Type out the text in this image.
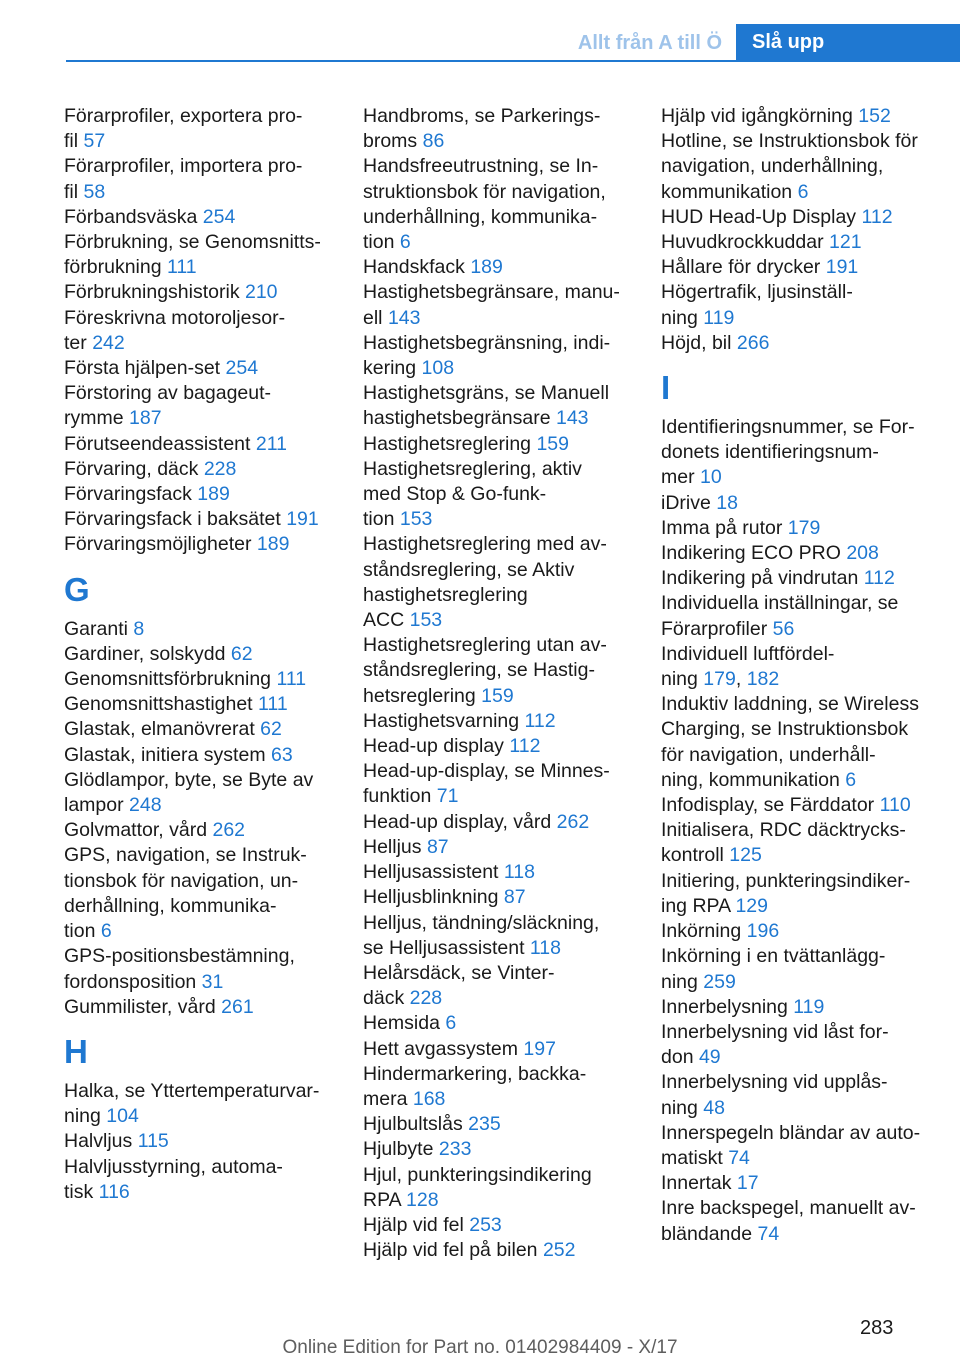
Allt från A till Ö Slå upp
Förarprofiler, exportera pro-
fil 57
Förarprofiler, importera pro-
fil 58
Förbandsväska 254
Förbrukning, se Genomsnitts-
förbrukning 111
Förbrukningshistorik 210
Föreskrivna motoroljesor-
ter 242
Första hjälpen-set 254
Förstoring av bagageut-
rymme 187
Förutseendeassistent 211
Förvaring, däck 228
Förvaringsfack 189
Förvaringsfack i baksätet 191
Förvaringsmöjligheter 189
G
Garanti 8
Gardiner, solskydd 62
Genomsnittsförbrukning 111
Genomsnittshastighet 111
Glastak, elmanövrerat 62
Glastak, initiera system 63
Glödlampor, byte, se Byte av
lampor 248
Golvmattor, vård 262
GPS, navigation, se Instruk-
tionsbok för navigation, un-
derhållning, kommunika-
tion 6
GPS-positionsbestämning,
fordonsposition 31
Gummilister, vård 261
H
Halka, se Yttertemperaturvar-
ning 104
Halvljus 115
Halvljusstyrning, automa-
tisk 116
Handbroms, se Parkerings-
broms 86
Handsfreeutrustning, se In-
struktionsbok för navigation,
underhållning, kommunika-
tion 6
Handskfack 189
Hastighetsbegränsare, manu-
ell 143
Hastighetsbegränsning, indi-
kering 108
Hastighetsgräns, se Manuell
hastighetsbegränsare 143
Hastighetsreglering 159
Hastighetsreglering, aktiv
med Stop & Go-funk-
tion 153
Hastighetsreglering med av-
ståndsreglering, se Aktiv
hastighetsreglering
ACC 153
Hastighetsreglering utan av-
ståndsreglering, se Hastig-
hetsreglering 159
Hastighetsvarning 112
Head-up display 112
Head-up-display, se Minnes-
funktion 71
Head-up display, vård 262
Helljus 87
Helljusassistent 118
Helljusblinkning 87
Helljus, tändning/släckning,
se Helljusassistent 118
Helårsdäck, se Vinter-
däck 228
Hemsida 6
Hett avgassystem 197
Hindermarkering, backka-
mera 168
Hjulbultslås 235
Hjulbyte 233
Hjul, punkteringsindikering
RPA 128
Hjälp vid fel 253
Hjälp vid fel på bilen 252
Hjälp vid igångkörning 152
Hotline, se Instruktionsbok för
navigation, underhållning,
kommunikation 6
HUD Head-Up Display 112
Huvudkrockkuddar 121
Hållare för drycker 191
Högertrafik, ljusinställ-
ning 119
Höjd, bil 266
I
Identifieringsnummer, se For-
donets identifieringsnum-
mer 10
iDrive 18
Imma på rutor 179
Indikering ECO PRO 208
Indikering på vindrutan 112
Individuella inställningar, se
Förarprofiler 56
Individuell luftfördel-
ning 179, 182
Induktiv laddning, se Wireless
Charging, se Instruktionsbok
för navigation, underhåll-
ning, kommunikation 6
Infodisplay, se Färddator 110
Initialisera, RDC däcktrycks-
kontroll 125
Initiering, punkteringsindiker-
ing RPA 129
Inkörning 196
Inkörning i en tvättanlägg-
ning 259
Innerbelysning 119
Innerbelysning vid låst for-
don 49
Innerbelysning vid upplås-
ning 48
Innerspegeln bländar av auto-
matiskt 74
Innertak 17
Inre backspegel, manuellt av-
bländande 74
283
Online Edition for Part no. 01402984409 - X/17
